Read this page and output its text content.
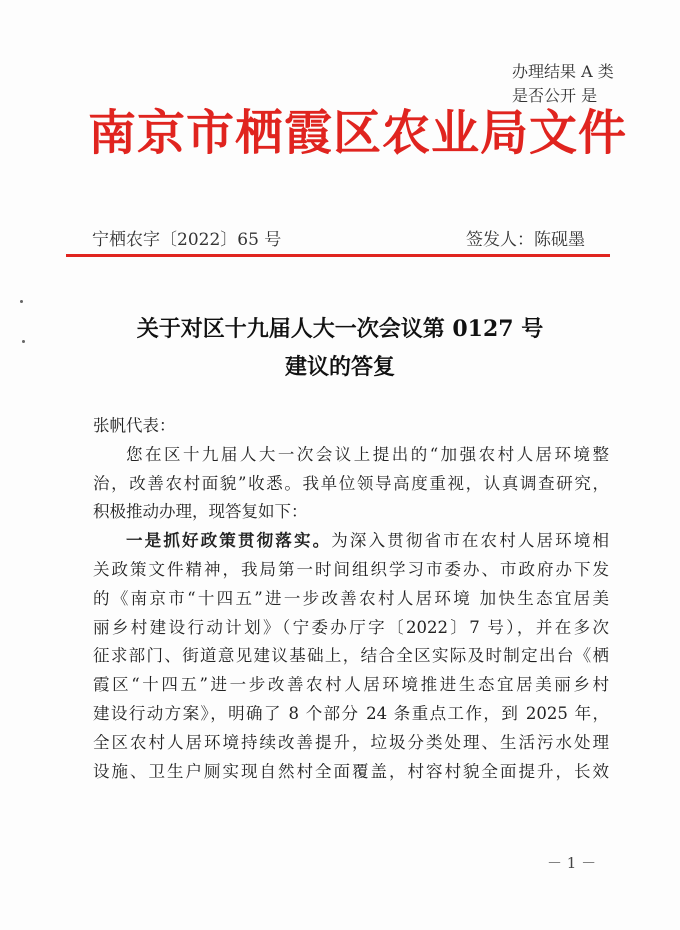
办理结果 A 类
是否公开 是
南京市栖霞区农业局文件
宁栖农字〔2022〕65 号	签发人：陈砚墨
关于对区十九届人大一次会议第 0127 号
建议的答复
张帆代表：
您在区十九届人大一次会议上提出的“加强农村人居环境整
治，改善农村面貌”收悉。我单位领导高度重视，认真调查研究，
积极推动办理，现答复如下：
一是抓好政策贯彻落实。为深入贯彻省市在农村人居环境相
关政策文件精神，我局第一时间组织学习市委办、市政府办下发
的《南京市“十四五”进一步改善农村人居环境 加快生态宜居美
丽乡村建设行动计划》（宁委办厅字〔2022〕7 号），并在多次
征求部门、街道意见建议基础上，结合全区实际及时制定出台《栖
霞区“十四五”进一步改善农村人居环境推进生态宜居美丽乡村
建设行动方案》，明确了 8 个部分 24 条重点工作，到 2025 年，
全区农村人居环境持续改善提升，垃圾分类处理、生活污水处理
设施、卫生户厕实现自然村全面覆盖，村容村貌全面提升，长效
－ 1 －
